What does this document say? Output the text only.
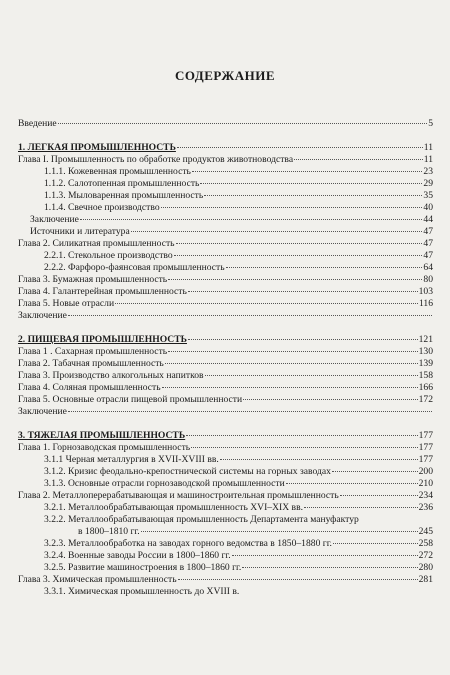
СОДЕРЖАНИЕ
Введение	5
1. ЛЕГКАЯ ПРОМЫШЛЕННОСТЬ	11
Глава I. Промышленность по обработке продуктов животноводства	11
1.1.1. Кожевенная промышленность	23
1.1.2. Салотопенная промышленность	29
1.1.3. Мыловаренная промышленность	35
1.1.4. Свечное производство	40
Заключение	44
Источники и литература	47
Глава 2. Силикатная промышленность	47
2.2.1. Стекольное производство	47
2.2.2. Фарфоро-фаянсовая промышленность	64
Глава 3. Бумажная промышленность	80
Глава 4. Галантерейная промышленность	103
Глава 5. Новые отрасли	116
Заключение
2. ПИЩЕВАЯ ПРОМЫШЛЕННОСТЬ	121
Глава 1 . Сахарная промышленность	130
Глава 2. Табачная промышленность	139
Глава 3. Производство алкогольных напитков	158
Глава 4. Соляная промышленность	166
Глава 5. Основные отрасли пищевой промышленности	172
Заключение
3. ТЯЖЕЛАЯ ПРОМЫШЛЕННОСТЬ	177
Глава 1. Горнозаводская промышленность	177
3.1.1 Черная металлургия в XVII-XVIII вв.	177
3.1.2. Кризис феодально-крепостнической системы на горных заводах	200
3.1.3. Основные отрасли горнозаводской промышленности	210
Глава 2. Металлоперерабатывающая и машиностроительная промышленность	234
3.2.1. Металлообрабатывающая промышленность XVI–XIX вв.	236
3.2.2. Металлообрабатывающая промышленность Департамента мануфактур
в 1800–1810 гг.	245
3.2.3. Металлообработка на заводах горного ведомства в 1850–1880 гг.	258
3.2.4. Военные заводы России в 1800–1860 гг.	272
3.2.5. Развитие машиностроения в 1800–1860 гг.	280
Глава 3. Химическая промышленность	281
3.3.1. Химическая промышленность до XVIII в.
